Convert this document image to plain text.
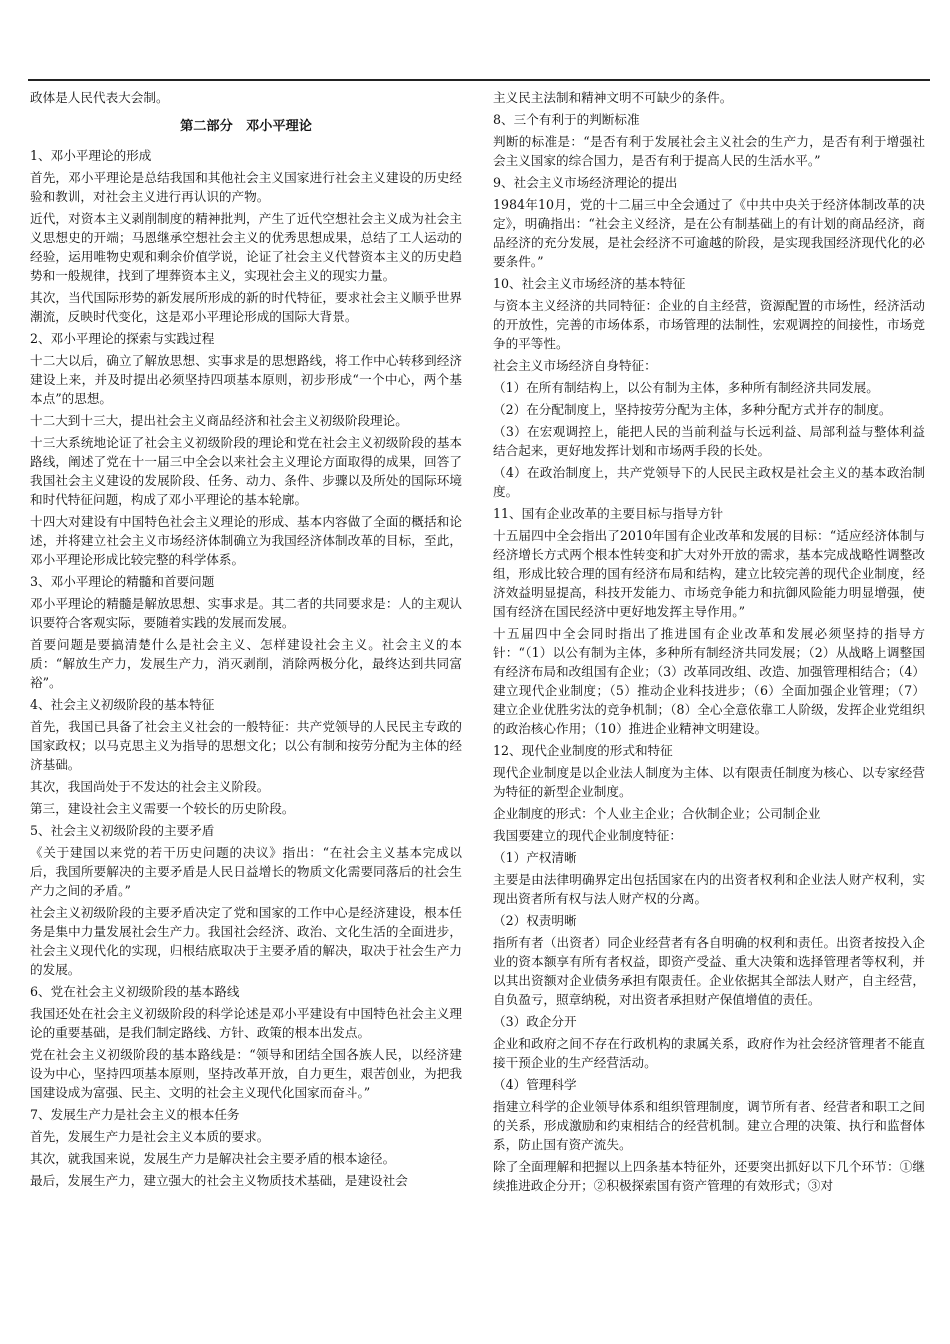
政体是人民代表大会制。
第二部分　邓小平理论
1、邓小平理论的形成
首先，邓小平理论是总结我国和其他社会主义国家进行社会主义建设的历史经验和教训，对社会主义进行再认识的产物。
近代，对资本主义剥削制度的精神批判，产生了近代空想社会主义成为社会主义思想史的开端；马恩继承空想社会主义的优秀思想成果，总结了工人运动的经验，运用唯物史观和剩余价值学说，论证了社会主义代替资本主义的历史趋势和一般规律，找到了埋葬资本主义，实现社会主义的现实力量。
其次，当代国际形势的新发展所形成的新的时代特征，要求社会主义顺乎世界潮流，反映时代变化，这是邓小平理论形成的国际大背景。
2、邓小平理论的探索与实践过程
十二大以后，确立了解放思想、实事求是的思想路线，将工作中心转移到经济建设上来，并及时提出必须坚持四项基本原则，初步形成“一个中心，两个基本点”的思想。
十二大到十三大，提出社会主义商品经济和社会主义初级阶段理论。
十三大系统地论证了社会主义初级阶段的理论和党在社会主义初级阶段的基本路线，阐述了党在十一届三中全会以来社会主义理论方面取得的成果，回答了我国社会主义建设的发展阶段、任务、动力、条件、步骤以及所处的国际环境和时代特征问题，构成了邓小平理论的基本轮廓。
十四大对建设有中国特色社会主义理论的形成、基本内容做了全面的概括和论述，并将建立社会主义市场经济体制确立为我国经济体制改革的目标，至此，邓小平理论形成比较完整的科学体系。
3、邓小平理论的精髓和首要问题
邓小平理论的精髓是解放思想、实事求是。其二者的共同要求是：人的主观认识要符合客观实际，要随着实践的发展而发展。
首要问题是要搞清楚什么是社会主义、怎样建设社会主义。社会主义的本质：“解放生产力，发展生产力，消灭剥削，消除两极分化，最终达到共同富裕”。
4、社会主义初级阶段的基本特征
首先，我国已具备了社会主义社会的一般特征：共产党领导的人民民主专政的国家政权；以马克思主义为指导的思想文化；以公有制和按劳分配为主体的经济基础。
其次，我国尚处于不发达的社会主义阶段。
第三，建设社会主义需要一个较长的历史阶段。
5、社会主义初级阶段的主要矛盾
《关于建国以来党的若干历史问题的决议》指出：“在社会主义基本完成以后，我国所要解决的主要矛盾是人民日益增长的物质文化需要同落后的社会生产力之间的矛盾。”
社会主义初级阶段的主要矛盾决定了党和国家的工作中心是经济建设，根本任务是集中力量发展社会生产力。我国社会经济、政治、文化生活的全面进步，社会主义现代化的实现，归根结底取决于主要矛盾的解决，取决于社会生产力的发展。
6、党在社会主义初级阶段的基本路线
我国还处在社会主义初级阶段的科学论述是邓小平建设有中国特色社会主义理论的重要基础，是我们制定路线、方针、政策的根本出发点。
党在社会主义初级阶段的基本路线是：“领导和团结全国各族人民，以经济建设为中心，坚持四项基本原则，坚持改革开放，自力更生，艰苦创业，为把我国建设成为富强、民主、文明的社会主义现代化国家而奋斗。”
7、发展生产力是社会主义的根本任务
首先，发展生产力是社会主义本质的要求。
其次，就我国来说，发展生产力是解决社会主要矛盾的根本途径。
最后，发展生产力，建立强大的社会主义物质技术基础，是建设社会
主义民主法制和精神文明不可缺少的条件。
8、三个有利于的判断标准
判断的标准是：“是否有利于发展社会主义社会的生产力，是否有利于增强社会主义国家的综合国力，是否有利于提高人民的生活水平。”
9、社会主义市场经济理论的提出
1984年10月，党的十二届三中全会通过了《中共中央关于经济体制改革的决定》，明确指出：“社会主义经济，是在公有制基础上的有计划的商品经济，商品经济的充分发展，是社会经济不可逾越的阶段，是实现我国经济现代化的必要条件。”
10、社会主义市场经济的基本特征
与资本主义经济的共同特征：企业的自主经营，资源配置的市场性，经济活动的开放性，完善的市场体系，市场管理的法制性，宏观调控的间接性，市场竞争的平等性。
社会主义市场经济自身特征：
（1）在所有制结构上，以公有制为主体，多种所有制经济共同发展。
（2）在分配制度上，坚持按劳分配为主体，多种分配方式并存的制度。
（3）在宏观调控上，能把人民的当前利益与长远利益、局部利益与整体利益结合起来，更好地发挥计划和市场两手段的长处。
（4）在政治制度上，共产党领导下的人民民主政权是社会主义的基本政治制度。
11、国有企业改革的主要目标与指导方针
十五届四中全会指出了2010年国有企业改革和发展的目标：“适应经济体制与经济增长方式两个根本性转变和扩大对外开放的需求，基本完成战略性调整改组，形成比较合理的国有经济布局和结构，建立比较完善的现代企业制度，经济效益明显提高，科技开发能力、市场竞争能力和抗御风险能力明显增强，使国有经济在国民经济中更好地发挥主导作用。”
十五届四中全会同时指出了推进国有企业改革和发展必须坚持的指导方针：“（1）以公有制为主体，多种所有制经济共同发展；（2）从战略上调整国有经济布局和改组国有企业；（3）改革同改组、改造、加强管理相结合；（4）建立现代企业制度；（5）推动企业科技进步；（6）全面加强企业管理；（7）建立企业优胜劣汰的竞争机制；（8）全心全意依靠工人阶级，发挥企业党组织的政治核心作用；（10）推进企业精神文明建设。
12、现代企业制度的形式和特征
现代企业制度是以企业法人制度为主体、以有限责任制度为核心、以专家经营为特征的新型企业制度。
企业制度的形式：个人业主企业；合伙制企业；公司制企业
我国要建立的现代企业制度特征：
（1）产权清晰
主要是由法律明确界定出包括国家在内的出资者权利和企业法人财产权利，实现出资者所有权与法人财产权的分离。
（2）权责明晰
指所有者（出资者）同企业经营者有各自明确的权利和责任。出资者按投入企业的资本额享有所有者权益，即资产受益、重大决策和选择管理者等权利，并以其出资额对企业债务承担有限责任。企业依据其全部法人财产，自主经营，自负盈亏，照章纳税，对出资者承担财产保值增值的责任。
（3）政企分开
企业和政府之间不存在行政机构的隶属关系，政府作为社会经济管理者不能直接干预企业的生产经营活动。
（4）管理科学
指建立科学的企业领导体系和组织管理制度，调节所有者、经营者和职工之间的关系，形成激励和约束相结合的经营机制。建立合理的决策、执行和监督体系，防止国有资产流失。
除了全面理解和把握以上四条基本特征外，还要突出抓好以下几个环节：①继续推进政企分开；②积极探索国有资产管理的有效形式；③对
